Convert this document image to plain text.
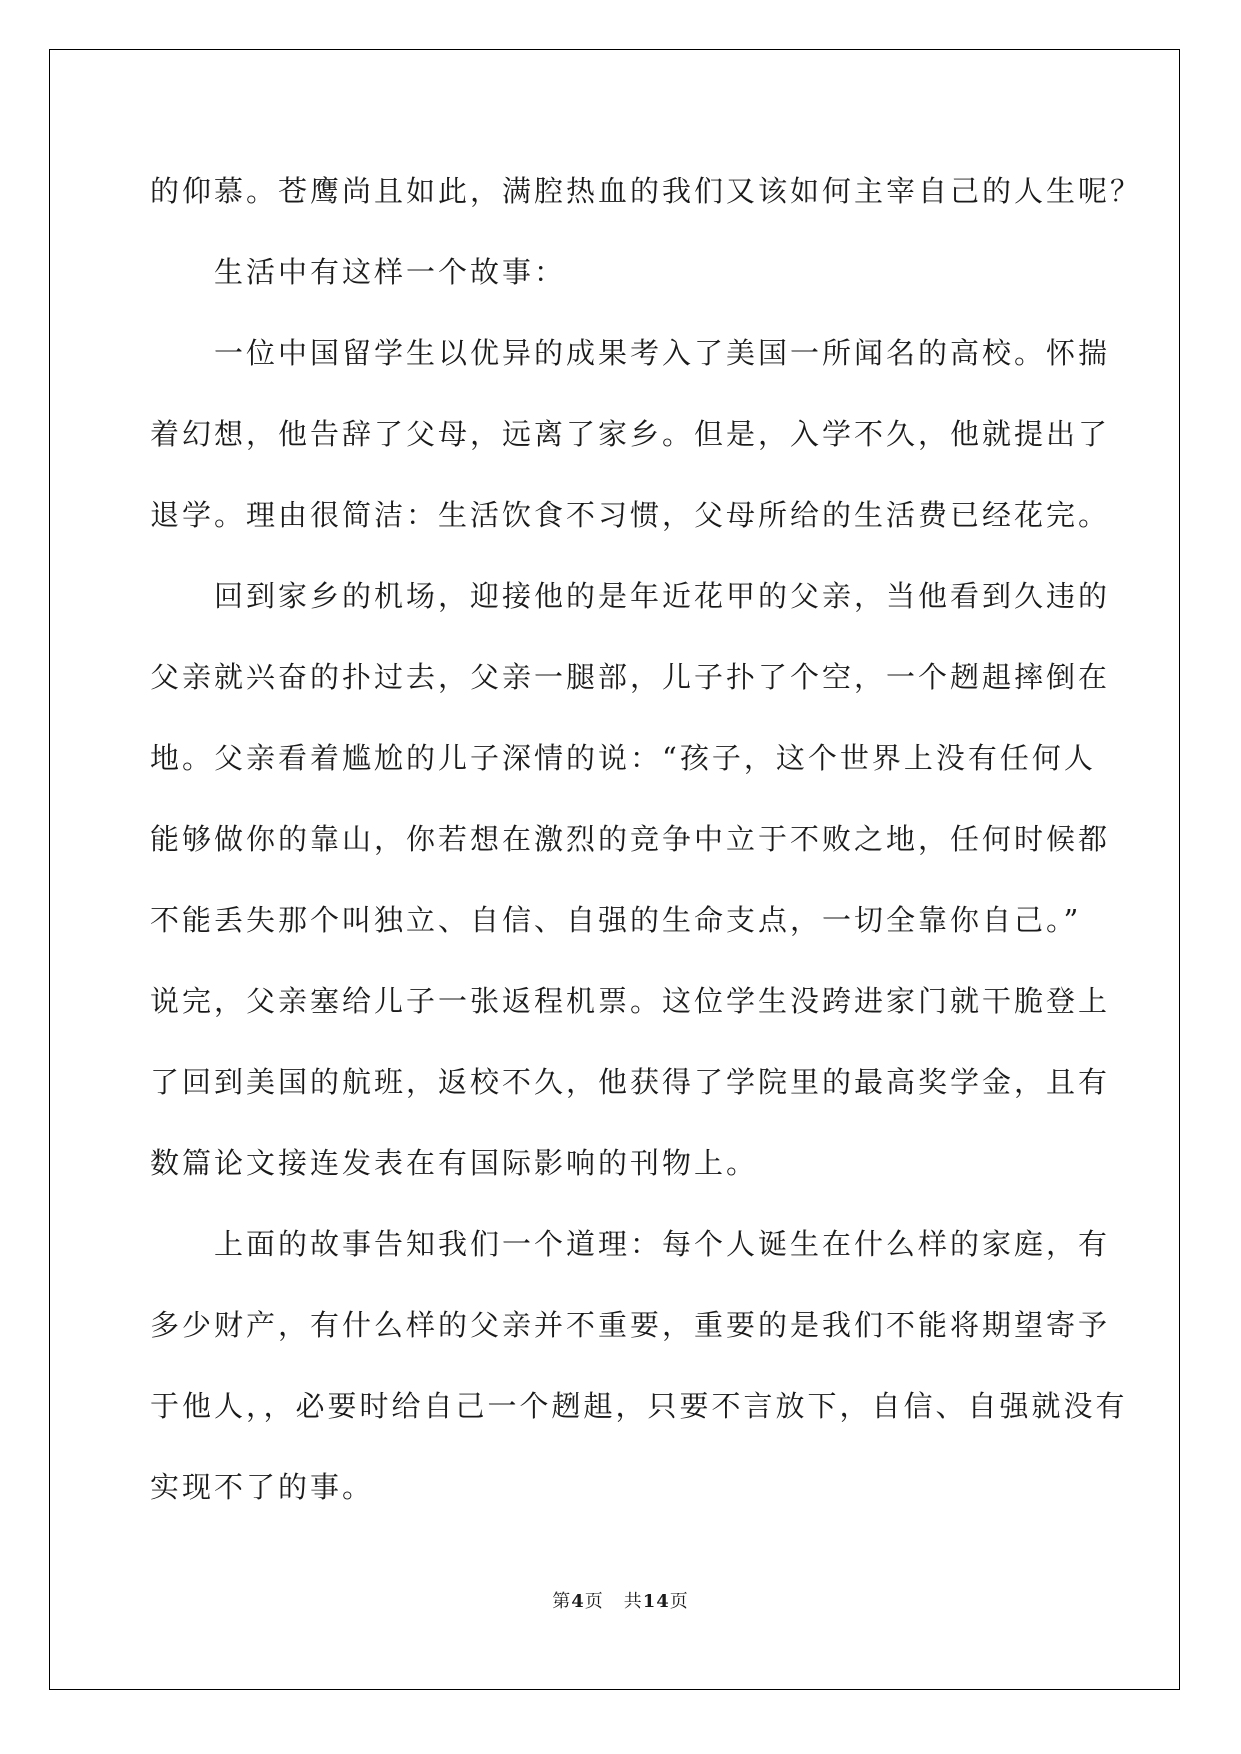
的仰慕。苍鹰尚且如此，满腔热血的我们又该如何主宰自己的人生呢？
生活中有这样一个故事：
一位中国留学生以优异的成果考入了美国一所闻名的高校。怀揣
着幻想，他告辞了父母，远离了家乡。但是，入学不久，他就提出了
退学。理由很简洁：生活饮食不习惯，父母所给的生活费已经花完。
回到家乡的机场，迎接他的是年近花甲的父亲，当他看到久违的
父亲就兴奋的扑过去，父亲一腿部，儿子扑了个空，一个趔趄摔倒在
地。父亲看着尴尬的儿子深情的说：“孩子，这个世界上没有任何人
能够做你的靠山，你若想在激烈的竞争中立于不败之地，任何时候都
不能丢失那个叫独立、自信、自强的生命支点，一切全靠你自己。”
说完，父亲塞给儿子一张返程机票。这位学生没跨进家门就干脆登上
了回到美国的航班，返校不久，他获得了学院里的最高奖学金，且有
数篇论文接连发表在有国际影响的刊物上。
上面的故事告知我们一个道理：每个人诞生在什么样的家庭，有
多少财产，有什么样的父亲并不重要，重要的是我们不能将期望寄予
于他人，，必要时给自己一个趔趄，只要不言放下，自信、自强就没有
实现不了的事。
第4页 共14页
